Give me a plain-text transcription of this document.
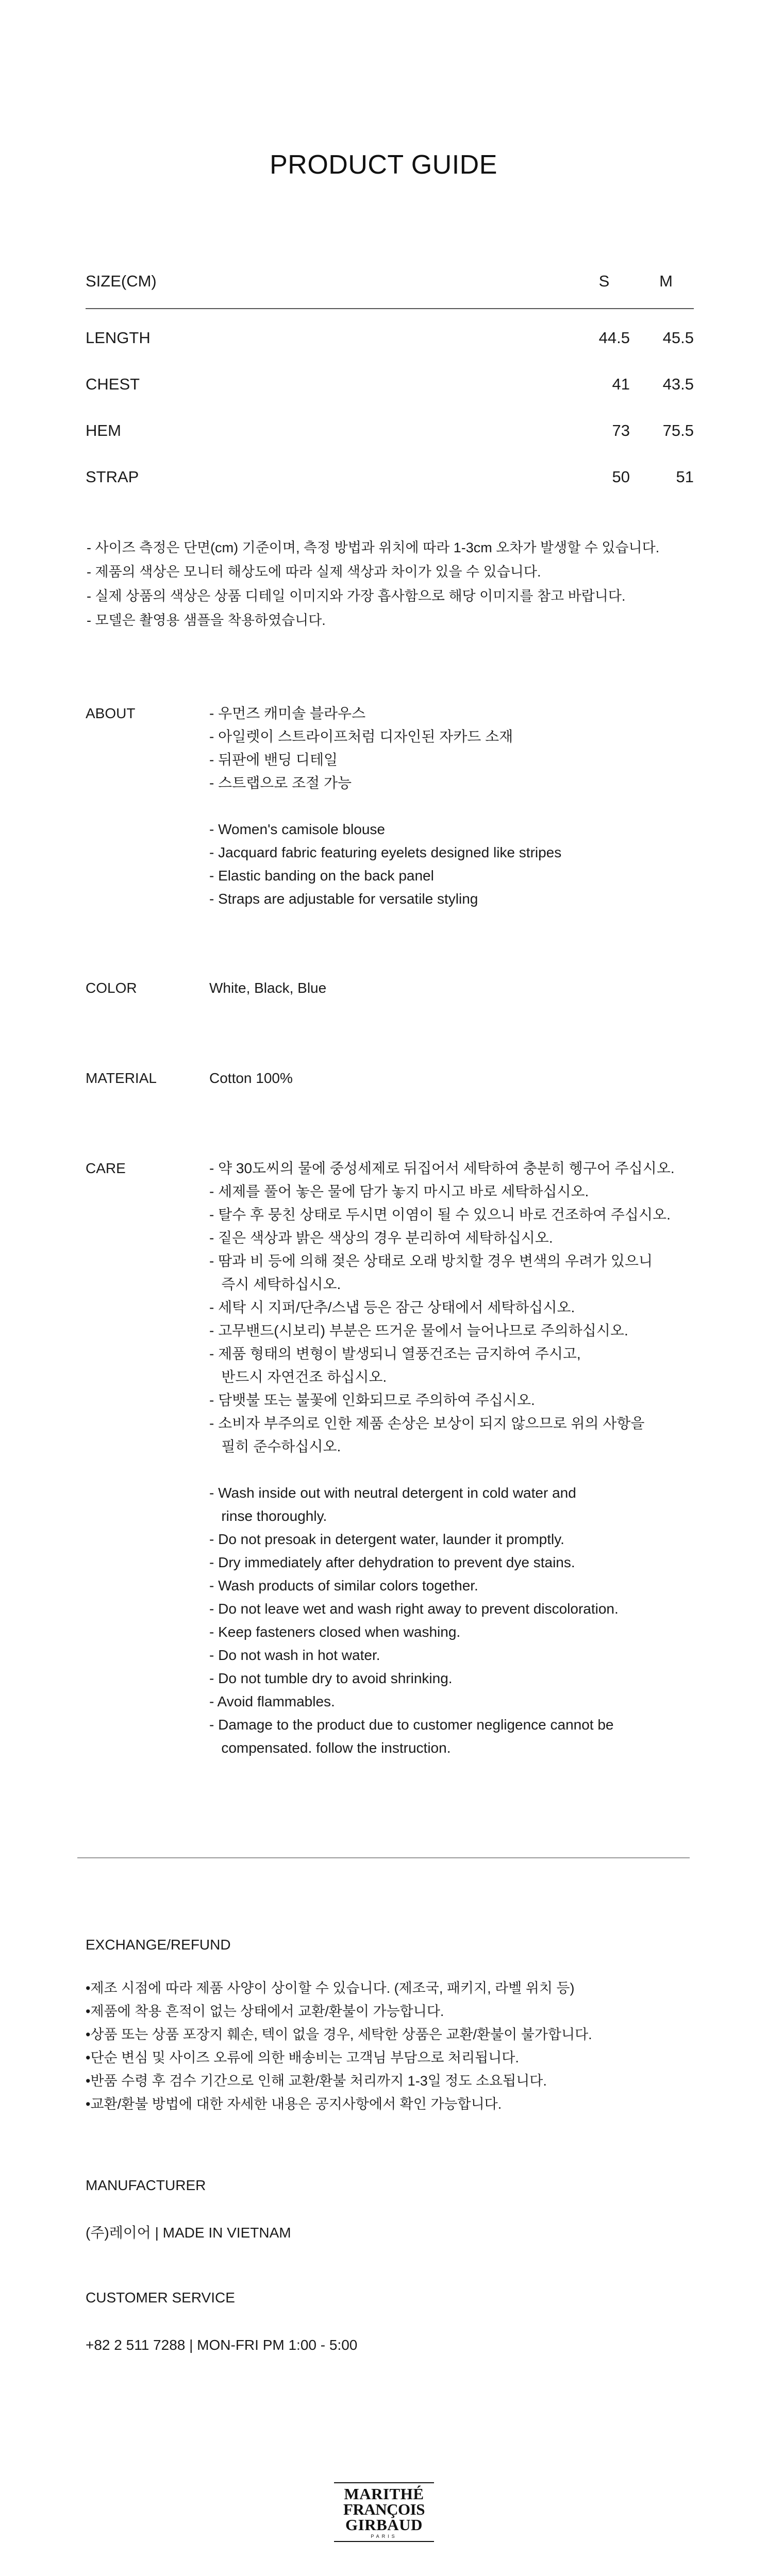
PRODUCT GUIDE
SIZE(CM)	S	M
LENGTH	44.5	45.5
CHEST	41	43.5
HEM	73	75.5
STRAP	50	51
- 사이즈 측정은 단면(cm) 기준이며, 측정 방법과 위치에 따라 1-3cm 오차가 발생할 수 있습니다.
- 제품의 색상은 모니터 해상도에 따라 실제 색상과 차이가 있을 수 있습니다.
- 실제 상품의 색상은 상품 디테일 이미지와 가장 흡사함으로 해당 이미지를 참고 바랍니다.
- 모델은 촬영용 샘플을 착용하였습니다.
ABOUT	- 우먼즈 캐미솔 블라우스
- 아일렛이 스트라이프처럼 디자인된 자카드 소재
- 뒤판에 밴딩 디테일
- 스트랩으로 조절 가능
- Women's camisole blouse
- Jacquard fabric featuring eyelets designed like stripes
- Elastic banding on the back panel
- Straps are adjustable for versatile styling
COLOR	White, Black, Blue
MATERIAL	Cotton 100%
CARE	- 약 30도씨의 물에 중성세제로 뒤집어서 세탁하여 충분히 헹구어 주십시오.
- 세제를 풀어 놓은 물에 담가 놓지 마시고 바로 세탁하십시오.
- 탈수 후 뭉친 상태로 두시면 이염이 될 수 있으니 바로 건조하여 주십시오.
- 짙은 색상과 밝은 색상의 경우 분리하여 세탁하십시오.
- 땀과 비 등에 의해 젖은 상태로 오래 방치할 경우 변색의 우려가 있으니
즉시 세탁하십시오.
- 세탁 시 지퍼/단추/스냅 등은 잠근 상태에서 세탁하십시오.
- 고무밴드(시보리) 부분은 뜨거운 물에서 늘어나므로 주의하십시오.
- 제품 형태의 변형이 발생되니 열풍건조는 금지하여 주시고,
반드시 자연건조 하십시오.
- 담뱃불 또는 불꽃에 인화되므로 주의하여 주십시오.
- 소비자 부주의로 인한 제품 손상은 보상이 되지 않으므로 위의 사항을
필히 준수하십시오.
- Wash inside out with neutral detergent in cold water and
rinse thoroughly.
- Do not presoak in detergent water, launder it promptly.
- Dry immediately after dehydration to prevent dye stains.
- Wash products of similar colors together.
- Do not leave wet and wash right away to prevent discoloration.
- Keep fasteners closed when washing.
- Do not wash in hot water.
- Do not tumble dry to avoid shrinking.
- Avoid flammables.
- Damage to the product due to customer negligence cannot be
compensated. follow the instruction.
EXCHANGE/REFUND
•제조 시점에 따라 제품 사양이 상이할 수 있습니다. (제조국, 패키지, 라벨 위치 등)
•제품에 착용 흔적이 없는 상태에서 교환/환불이 가능합니다.
•상품 또는 상품 포장지 훼손, 텍이 없을 경우, 세탁한 상품은 교환/환불이 불가합니다.
•단순 변심 및 사이즈 오류에 의한 배송비는 고객님 부담으로 처리됩니다.
•반품 수령 후 검수 기간으로 인해 교환/환불 처리까지 1-3일 정도 소요됩니다.
•교환/환불 방법에 대한 자세한 내용은 공지사항에서 확인 가능합니다.
MANUFACTURER
(주)레이어 | MADE IN VIETNAM
CUSTOMER SERVICE
+82 2 511 7288 | MON-FRI PM 1:00 - 5:00
MARITHÉ
FRANÇOIS
GIRBAUD
PARIS
